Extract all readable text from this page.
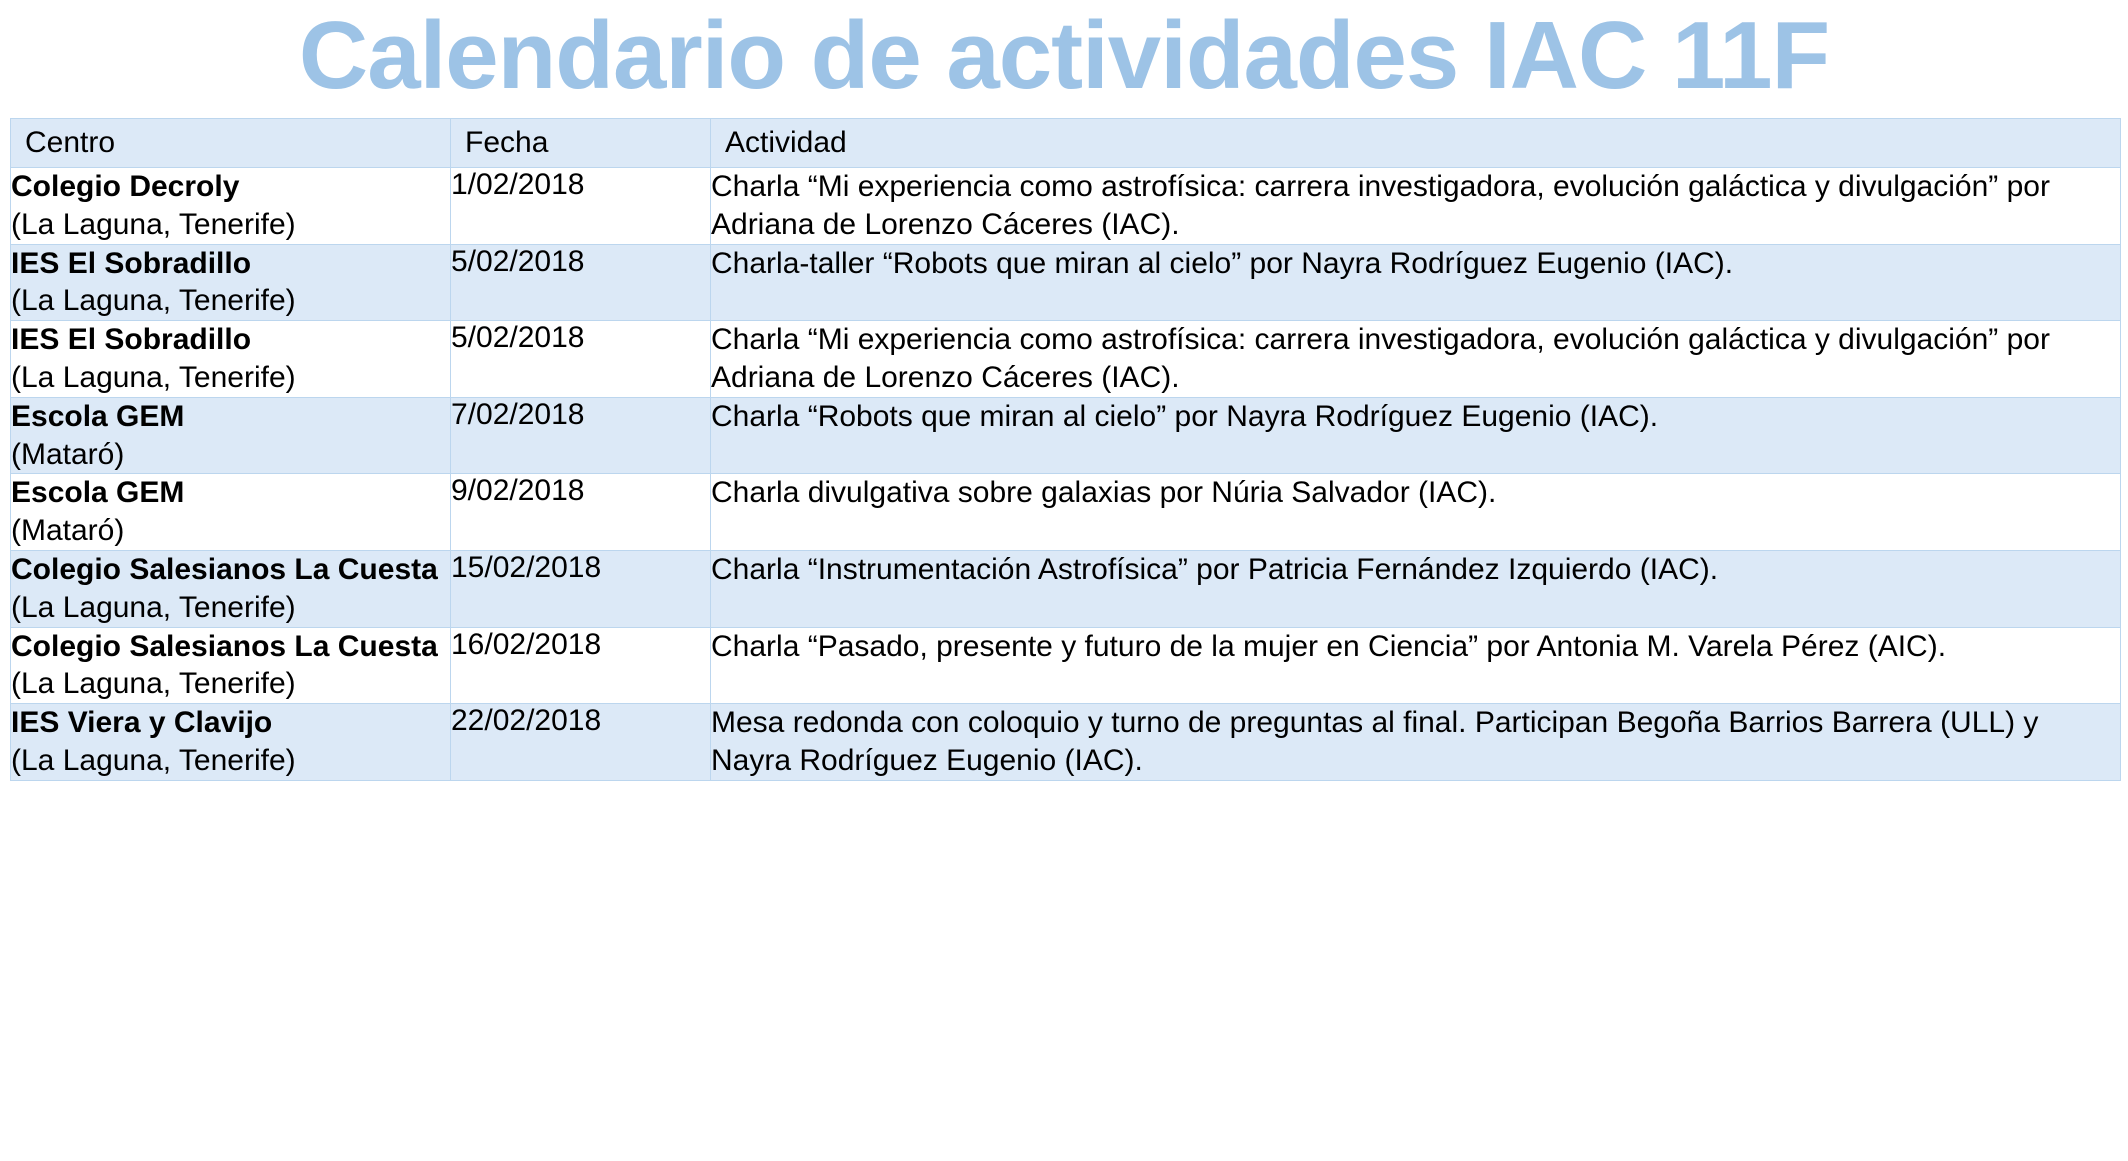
Calendario de actividades IAC 11F
Centro	Fecha	Actividad

Colegio Decroly
(La Laguna, Tenerife)	1/02/2018	Charla “Mi experiencia como astrofísica: carrera investigadora, evolución galáctica y divulgación” por Adriana de Lorenzo Cáceres (IAC).

IES El Sobradillo
(La Laguna, Tenerife)	5/02/2018	Charla-taller “Robots que miran al cielo” por Nayra Rodríguez Eugenio (IAC).

IES El Sobradillo
(La Laguna, Tenerife)	5/02/2018	Charla “Mi experiencia como astrofísica: carrera investigadora, evolución galáctica y divulgación” por Adriana de Lorenzo Cáceres (IAC).

Escola GEM
(Mataró)	7/02/2018	Charla “Robots que miran al cielo” por Nayra Rodríguez Eugenio (IAC).

Escola GEM
(Mataró)	9/02/2018	Charla divulgativa sobre galaxias por Núria Salvador (IAC).

Colegio Salesianos La Cuesta
(La Laguna, Tenerife)	15/02/2018	Charla “Instrumentación Astrofísica” por Patricia Fernández Izquierdo (IAC).

Colegio Salesianos La Cuesta
(La Laguna, Tenerife)	16/02/2018	Charla “Pasado, presente y futuro de la mujer en Ciencia” por Antonia M. Varela Pérez (AIC).

IES Viera y Clavijo
(La Laguna, Tenerife)	22/02/2018	Mesa redonda con coloquio y turno de preguntas al final. Participan Begoña Barrios Barrera (ULL) y Nayra Rodríguez Eugenio (IAC).
